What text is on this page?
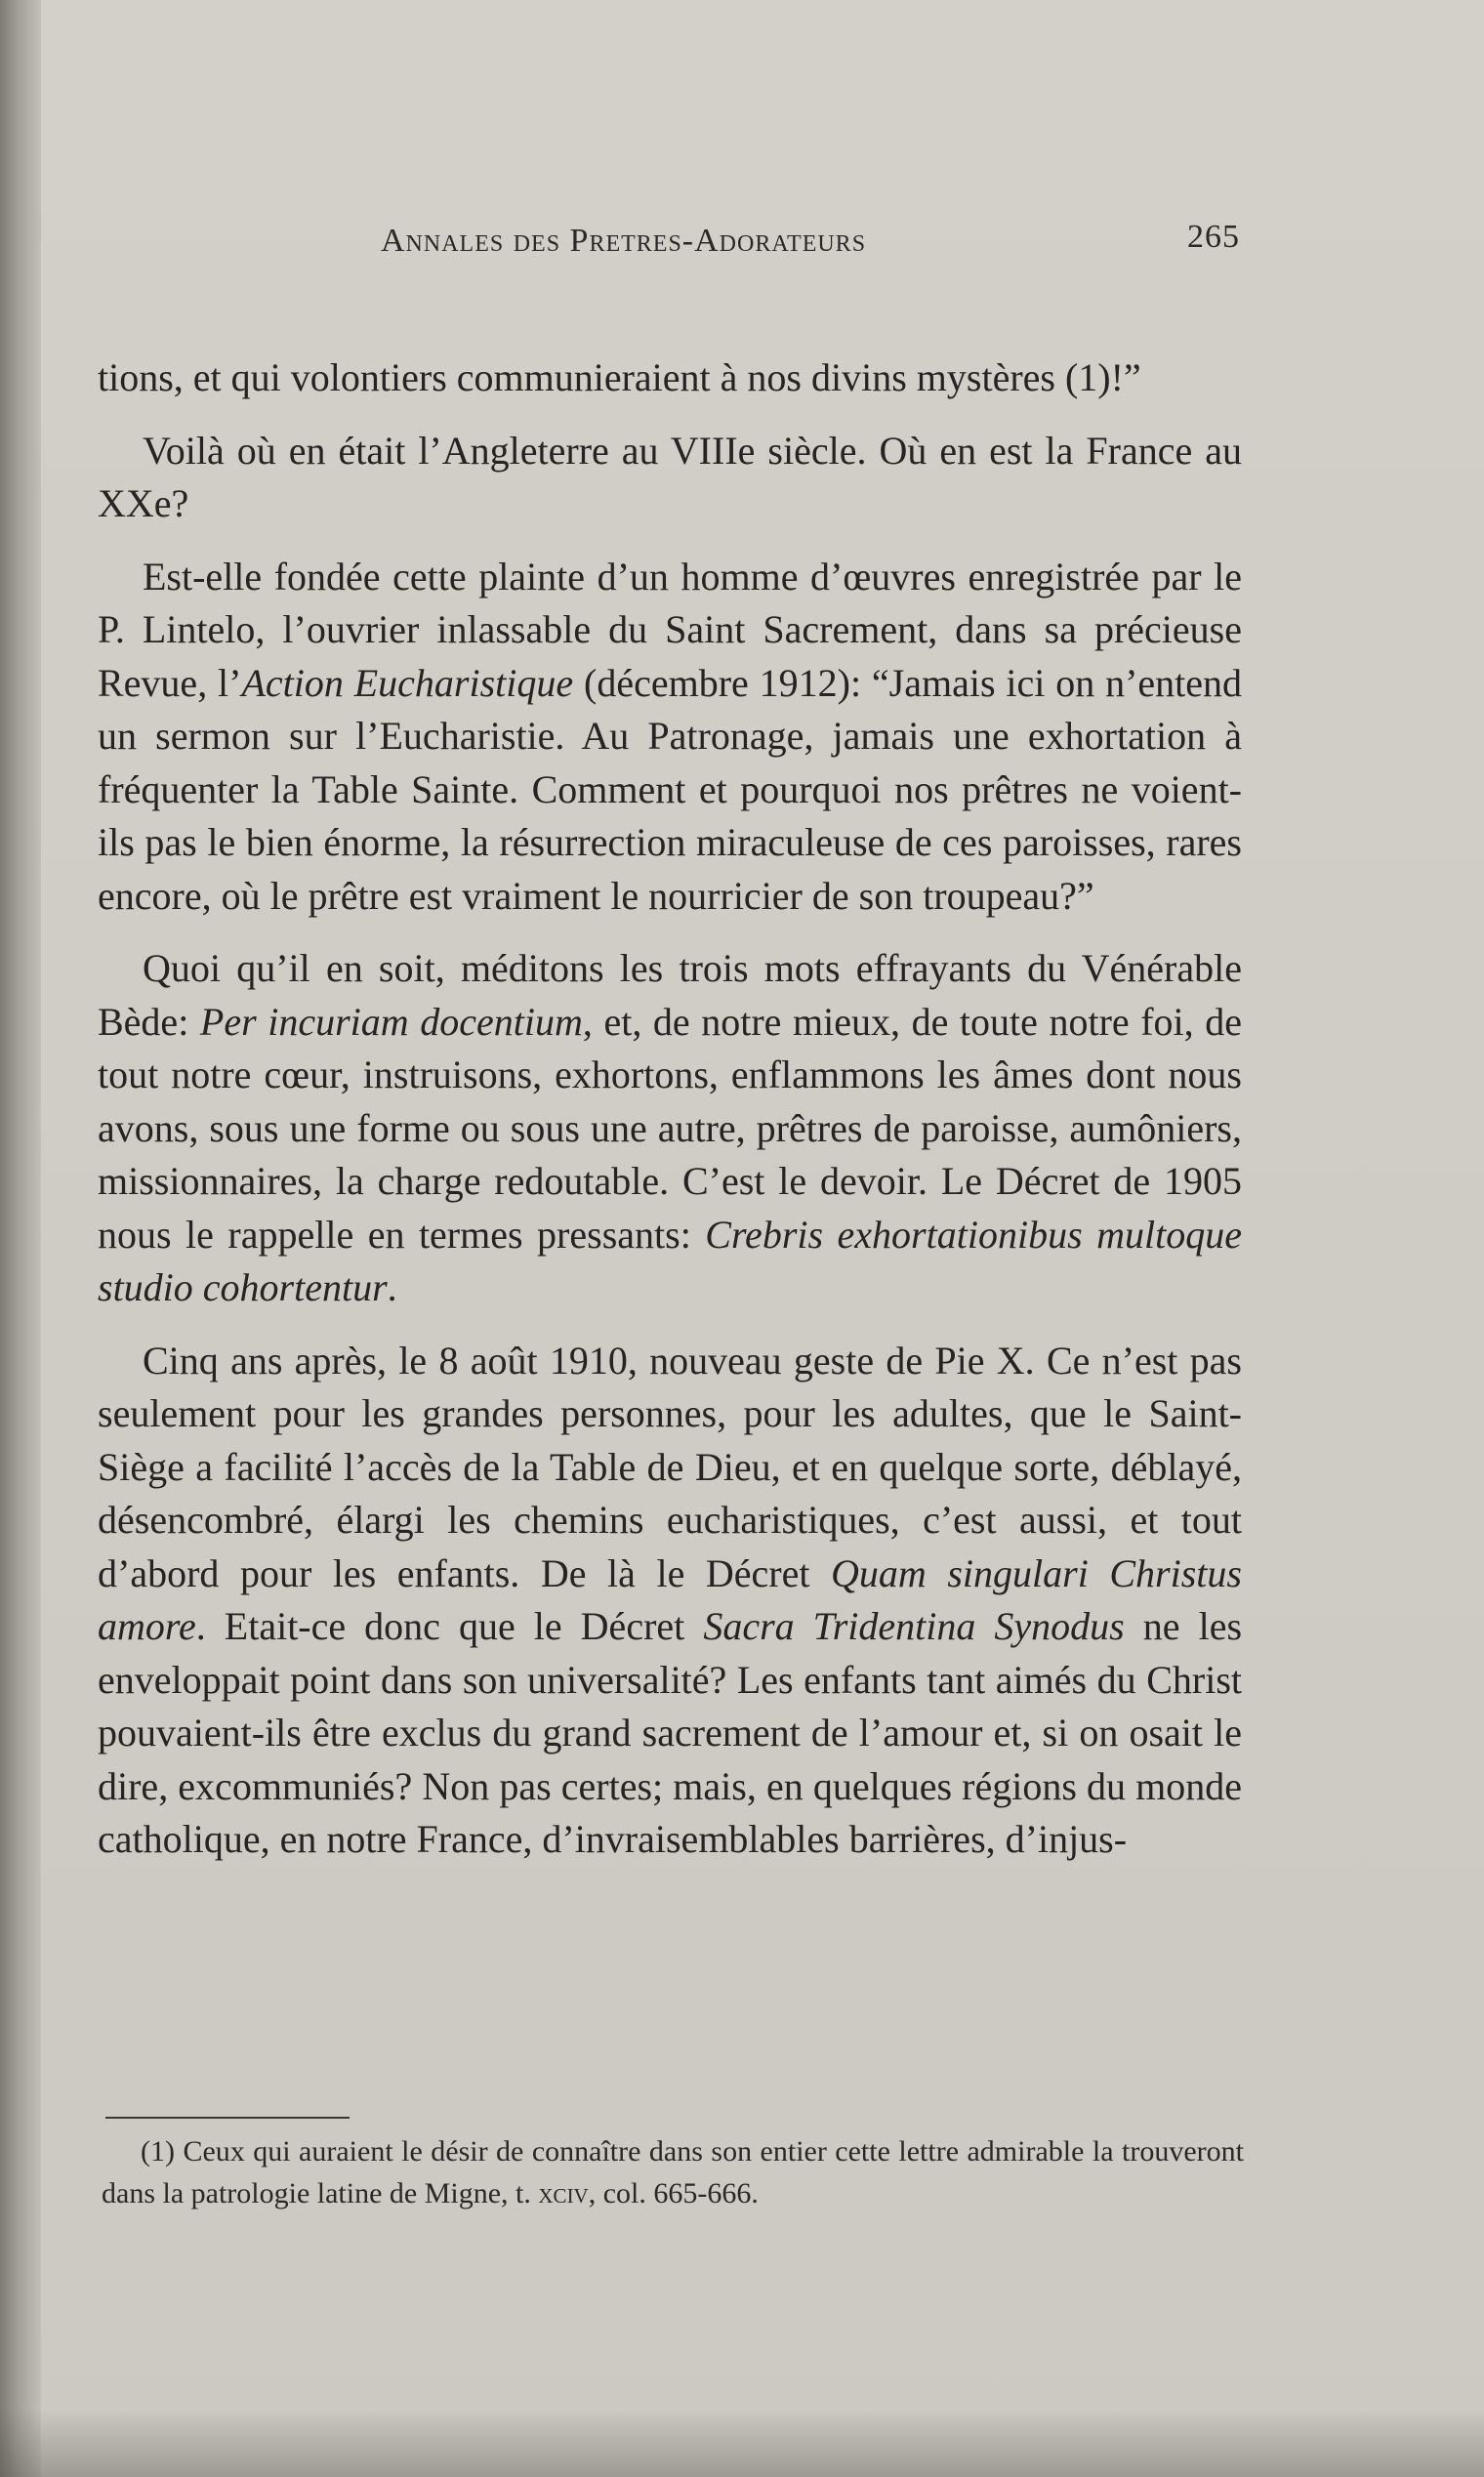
Annales des Pretres-Adorateurs	265

tions, et qui volontiers communieraient à nos divins mystères (1)!”

Voilà où en était l’Angleterre au VIIIe siècle. Où en est la France au XXe?

Est-elle fondée cette plainte d’un homme d’œuvres enregistrée par le P. Lintelo, l’ouvrier inlassable du Saint Sacrement, dans sa précieuse Revue, l’Action Eucharistique (décembre 1912): “Jamais ici on n’entend un sermon sur l’Eucharistie. Au Patronage, jamais une exhortation à fréquenter la Table Sainte. Comment et pourquoi nos prêtres ne voient-ils pas le bien énorme, la résurrection miraculeuse de ces paroisses, rares encore, où le prêtre est vraiment le nourricier de son troupeau?”

Quoi qu’il en soit, méditons les trois mots effrayants du Vénérable Bède: Per incuriam docentium, et, de notre mieux, de toute notre foi, de tout notre cœur, instruisons, exhortons, enflammons les âmes dont nous avons, sous une forme ou sous une autre, prêtres de paroisse, aumôniers, missionnaires, la charge redoutable. C’est le devoir. Le Décret de 1905 nous le rappelle en termes pressants: Crebris exhortationibus multoque studio cohortentur.

Cinq ans après, le 8 août 1910, nouveau geste de Pie X. Ce n’est pas seulement pour les grandes personnes, pour les adultes, que le Saint-Siège a facilité l’accès de la Table de Dieu, et en quelque sorte, déblayé, désencombré, élargi les chemins eucharistiques, c’est aussi, et tout d’abord pour les enfants. De là le Décret Quam singulari Christus amore. Etait-ce donc que le Décret Sacra Tridentina Synodus ne les enveloppait point dans son universalité? Les enfants tant aimés du Christ pouvaient-ils être exclus du grand sacrement de l’amour et, si on osait le dire, excommuniés? Non pas certes; mais, en quelques régions du monde catholique, en notre France, d’invraisemblables barrières, d’injus-

(1) Ceux qui auraient le désir de connaître dans son entier cette lettre admirable la trouveront dans la patrologie latine de Migne, t. xciv, col. 665-666.
